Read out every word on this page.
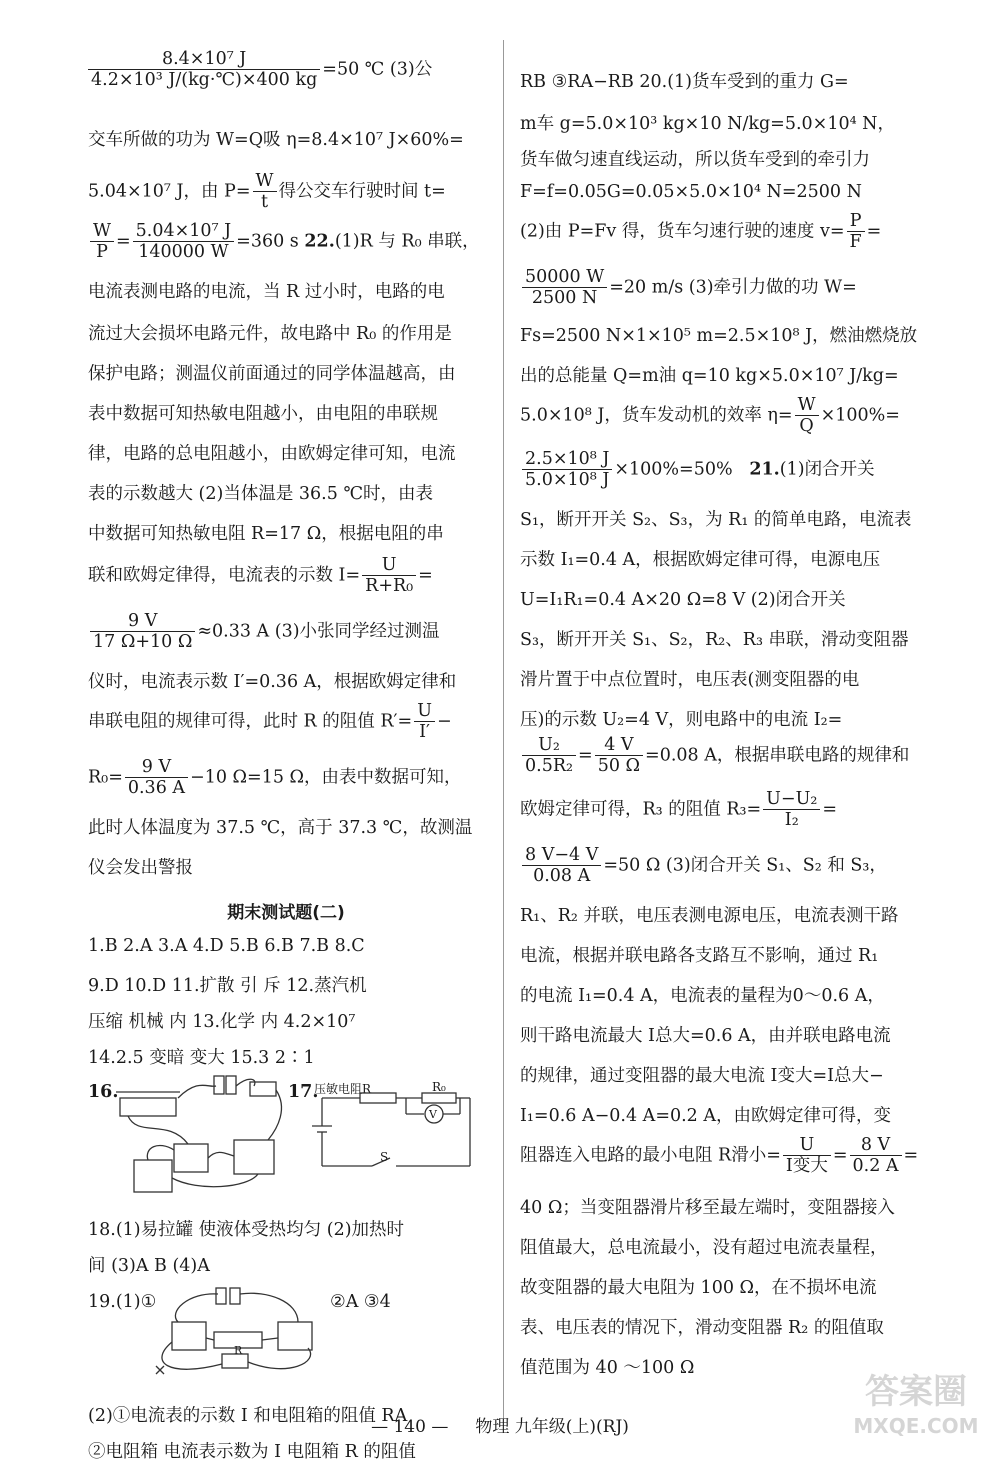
$\frac{\text{8.4×10⁷ J}}{\text{4.2×10³ J/(kg·℃)×400 kg}} =50$ ℃ (3)公
交车所做的功为 W=Q吸 η=8.4×10⁷ J×60%=
5.04×10⁷ J，由 $P= \frac{W}{t}$ 得公交车行驶时间 t=
$\frac{W}{P} = \frac{\text{5.04×10⁷ J}}{140000 W} =360$ s 22.(1)R 与 R₀ 串联，
电流表测电路的电流，当 R 过小时，电路的电
流过大会损坏电路元件，故电路中 R₀ 的作用是
保护电路；测温仪前面通过的同学体温越高，由
表中数据可知热敏电阻越小，由电阻的串联规
律，电路的总电阻越小，由欧姆定律可知，电流
表的示数越大 (2)当体温是 36.5 ℃时，由表
中数据可知热敏电阻 R=17 Ω，根据电阻的串
联和欧姆定律得，电流表的示数 $I= \frac{U}{\text{R+R₀}}$ =
$\frac{9 V}{17 \Omega+10 \Omega} \approx 0.33$ A (3)小张同学经过测温
仪时，电流表示数 I′=0.36 A，根据欧姆定律和
串联电阻的规律可得，此时 R 的阻值 $R'= \frac{U}{I'}$ −
$R_0= \frac{9 V}{0.36 A} -10$ Ω=15 Ω，由表中数据可知，
此时人体温度为 37.5 ℃，高于 37.3 ℃，故测温
仪会发出警报
期末测试题(二)
1.B 2.A 3.A 4.D 5.B 6.B 7.B 8.C
9.D 10.D 11.扩散 引 斥 12.蒸汽机
压缩 机械 内 13.化学 内 4.2×10⁷
14.2.5 变暗 变大 15.3 2∶1
16.	17.
压敏电阻R	R₀
V
S
18.(1)易拉罐 使液体受热均匀 (2)加热时
间 (3)A B (4)A
19.(1)①	②A ③4
R
(2)①电流表的示数 I 和电阻箱的阻值 RA
②电阻箱 电流表示数为 I 电阻箱 R 的阻值
RB ③RA−RB 20.(1)货车受到的重力 G=
m车 g=5.0×10³ kg×10 N/kg=5.0×10⁴ N，
货车做匀速直线运动，所以货车受到的牵引力
F=f=0.05G=0.05×5.0×10⁴ N=2500 N
(2)由 P=Fv 得，货车匀速行驶的速度 $v= \frac{P}{F}$ =
$\frac{50000 W}{2500 N} =20$ m/s (3)牵引力做的功 W=
Fs=2500 N×1×10⁵ m=2.5×10⁸ J，燃油燃烧放
出的总能量 Q=m油 q=10 kg×5.0×10⁷ J/kg=
5.0×10⁸ J，货车发动机的效率 $\eta= \frac{W}{Q} \times 100\%=$
$\frac{\text{2.5×10⁸ J}}{\text{5.0×10⁸ J}} \times 100\%=50\%$ 21.(1)闭合开关
S₁，断开开关 S₂、S₃，为 R₁ 的简单电路，电流表
示数 I₁=0.4 A，根据欧姆定律可得，电源电压
U=I₁R₁=0.4 A×20 Ω=8 V (2)闭合开关
S₃，断开开关 S₁、S₂，R₂、R₃ 串联，滑动变阻器
滑片置于中点位置时，电压表(测变阻器的电
压)的示数 U₂=4 V，则电路中的电流 I₂=
$\frac{\text{U₂}}{\text{0.5R₂}} = \frac{4 V}{50 \Omega} =0.08$ A，根据串联电路的规律和
欧姆定律可得，R₃ 的阻值 $R_3= \frac{\text{U−U₂}}{\text{I₂}}$ =
$\frac{8 V-4 V}{0.08 A} =50$ Ω (3)闭合开关 S₁、S₂ 和 S₃，
R₁、R₂ 并联，电压表测电源电压，电流表测干路
电流，根据并联电路各支路互不影响，通过 R₁
的电流 I₁=0.4 A，电流表的量程为0～0.6 A，
则干路电流最大 I总大=0.6 A，由并联电路电流
的规律，通过变阻器的最大电流 I变大=I总大−
I₁=0.6 A−0.4 A=0.2 A，由欧姆定律可得，变
阻器连入电路的最小电阻 R滑小= $\frac{U}{\text{I变大}} = \frac{8 V}{0.2 A}$ =
40 Ω；当变阻器滑片移至最左端时，变阻器接入
阻值最大，总电流最小，没有超过电流表量程，
故变阻器的最大电阻为 100 Ω，在不损坏电流
表、电压表的情况下，滑动变阻器 R₂ 的阻值取
值范围为 40 ～100 Ω
— 140 — 物理 九年级(上)(RJ)
答案圈
MXQE.COM
